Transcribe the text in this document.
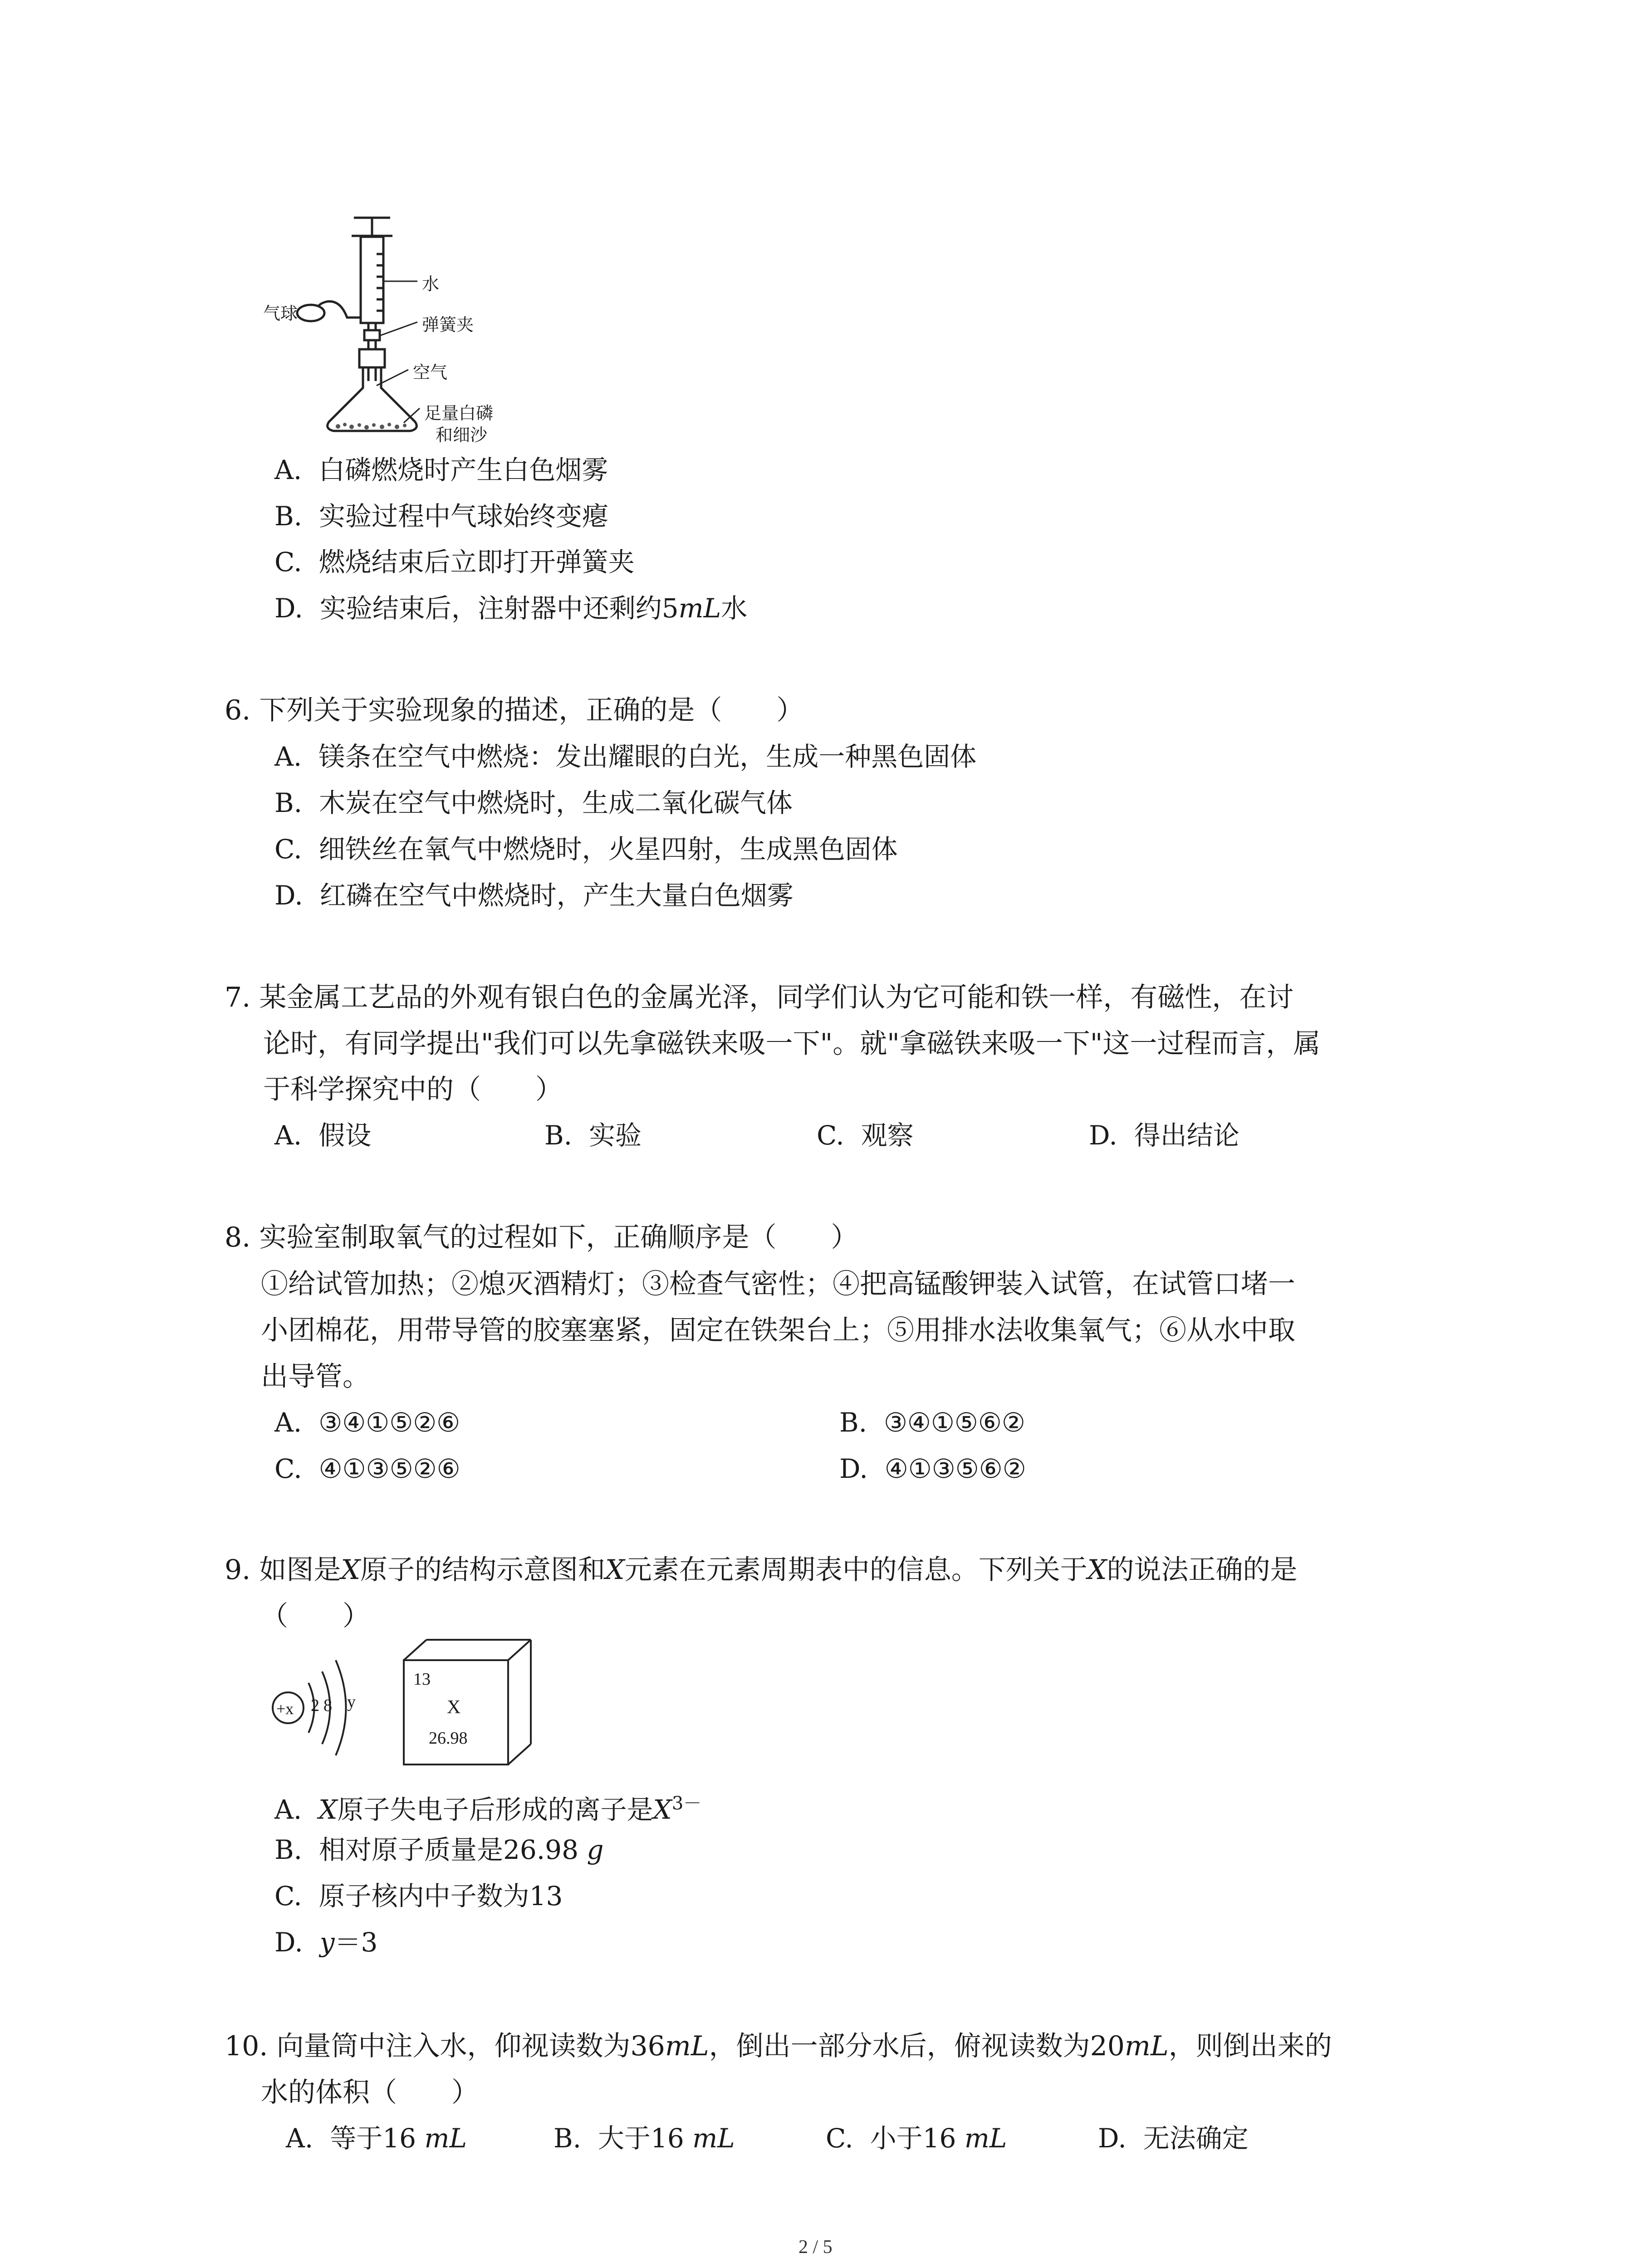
水
弹簧夹
气球
空气
足量白磷
和细沙
A. 白磷燃烧时产生白色烟雾
B. 实验过程中气球始终变瘪
C. 燃烧结束后立即打开弹簧夹
D. 实验结束后，注射器中还剩约5mL水
6. 下列关于实验现象的描述，正确的是（　　）
A. 镁条在空气中燃烧：发出耀眼的白光，生成一种黑色固体
B. 木炭在空气中燃烧时，生成二氧化碳气体
C. 细铁丝在氧气中燃烧时，火星四射，生成黑色固体
D. 红磷在空气中燃烧时，产生大量白色烟雾
7. 某金属工艺品的外观有银白色的金属光泽，同学们认为它可能和铁一样，有磁性，在讨
论时，有同学提出"我们可以先拿磁铁来吸一下"。就"拿磁铁来吸一下"这一过程而言，属
于科学探究中的（　　）
A. 假设	B. 实验	C. 观察	D. 得出结论
8. 实验室制取氧气的过程如下，正确顺序是（　　）
①给试管加热；②熄灭酒精灯；③检查气密性；④把高锰酸钾装入试管，在试管口堵一
小团棉花，用带导管的胶塞塞紧，固定在铁架台上；⑤用排水法收集氧气；⑥从水中取
出导管。
A. ③④①⑤②⑥	B. ③④①⑤⑥②
C. ④①③⑤②⑥	D. ④①③⑤⑥②
9. 如图是X原子的结构示意图和X元素在元素周期表中的信息。下列关于X的说法正确的是
（　　）
+x 2 8 y
13
X
26.98
A. X原子失电子后形成的离子是$X^{3-}$
B. 相对原子质量是26.98 g
C. 原子核内中子数为13
D. y＝3
10. 向量筒中注入水，仰视读数为36mL，倒出一部分水后，俯视读数为20mL，则倒出来的
水的体积（　　）
A. 等于16 mL	B. 大于16 mL	C. 小于16 mL	D. 无法确定
2 / 5
